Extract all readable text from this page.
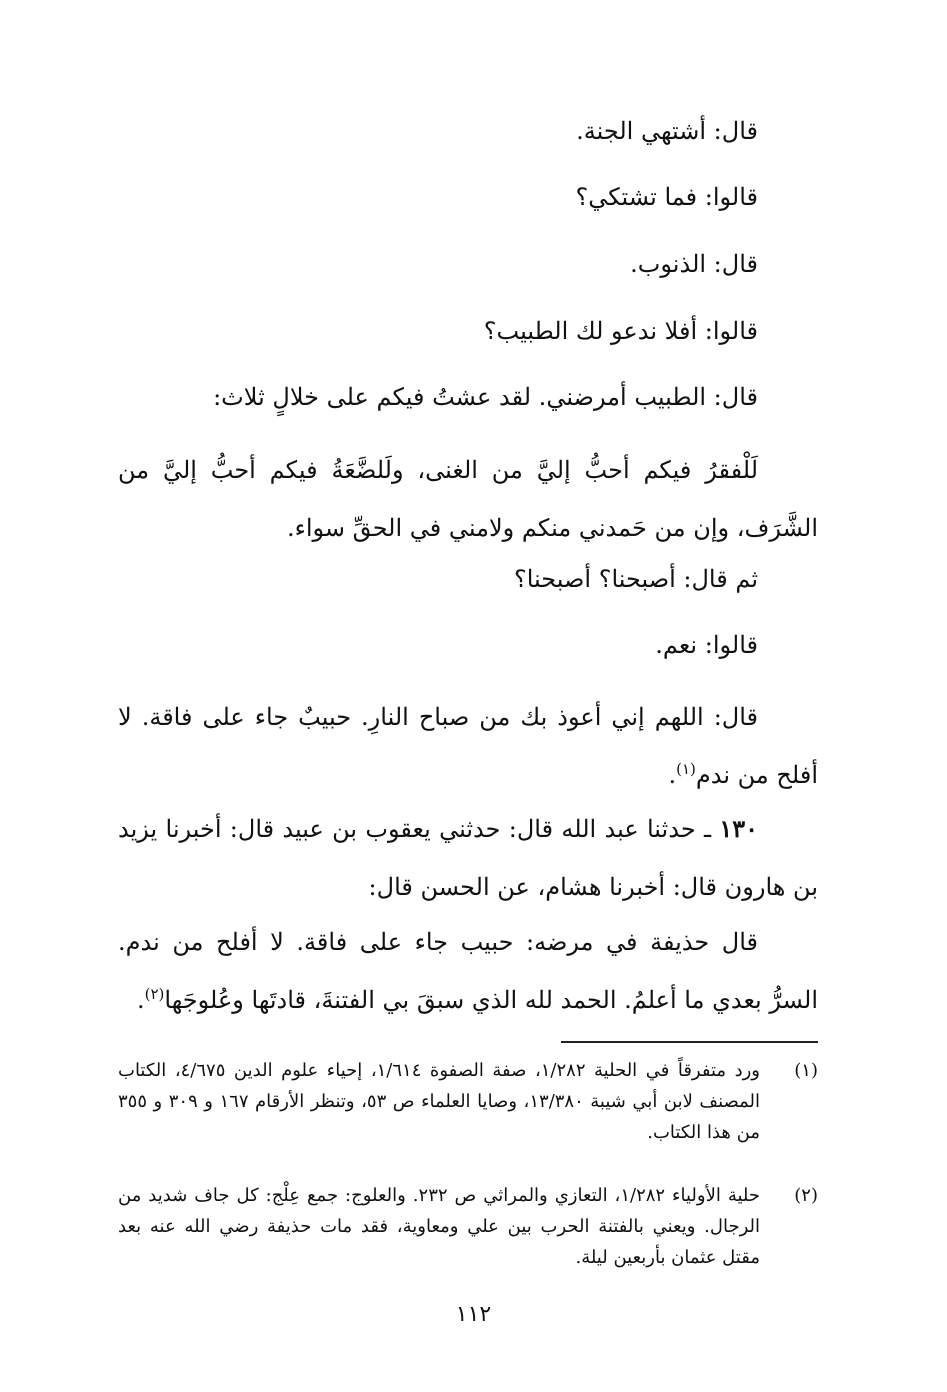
قال: أشتهي الجنة.
قالوا: فما تشتكي؟
قال: الذنوب.
قالوا: أفلا ندعو لك الطبيب؟
قال: الطبيب أمرضني. لقد عشتُ فيكم على خلالٍ ثلاث:
لَلْفقرُ فيكم أحبُّ إليَّ من الغنى، ولَلضَّعَةُ فيكم أحبُّ إليَّ من الشَّرَف، وإن من حَمدني منكم ولامني في الحقِّ سواء.
ثم قال: أصبحنا؟ أصبحنا؟
قالوا: نعم.
قال: اللهم إني أعوذ بك من صباح النارِ. حبيبٌ جاء على فاقة. لا أفلح من ندم$^{(١)}$.
١٣٠ ـ حدثنا عبد الله قال: حدثني يعقوب بن عبيد قال: أخبرنا يزيد بن هارون قال: أخبرنا هشام، عن الحسن قال:
قال حذيفة في مرضه: حبيب جاء على فاقة. لا أفلح من ندم. السرُّ بعدي ما أعلمُ. الحمد لله الذي سبقَ بي الفتنةَ، قادتَها وعُلوجَها$^{(٢)}$.
(١)
ورد متفرقاً في الحلية ١/٢٨٢، صفة الصفوة ١/٦١٤، إحياء علوم الدين ٤/٦٧٥، الكتاب المصنف لابن أبي شيبة ١٣/٣٨٠، وصايا العلماء ص ٥٣، وتنظر الأرقام ١٦٧ و ٣٠٩ و ٣٥٥ من هذا الكتاب.
(٢)
حلية الأولياء ١/٢٨٢، التعازي والمراثي ص ٢٣٢. والعلوج: جمع عِلْج: كل جاف شديد من الرجال. ويعني بالفتنة الحرب بين علي ومعاوية، فقد مات حذيفة رضي الله عنه بعد مقتل عثمان بأربعين ليلة.
١١٢
